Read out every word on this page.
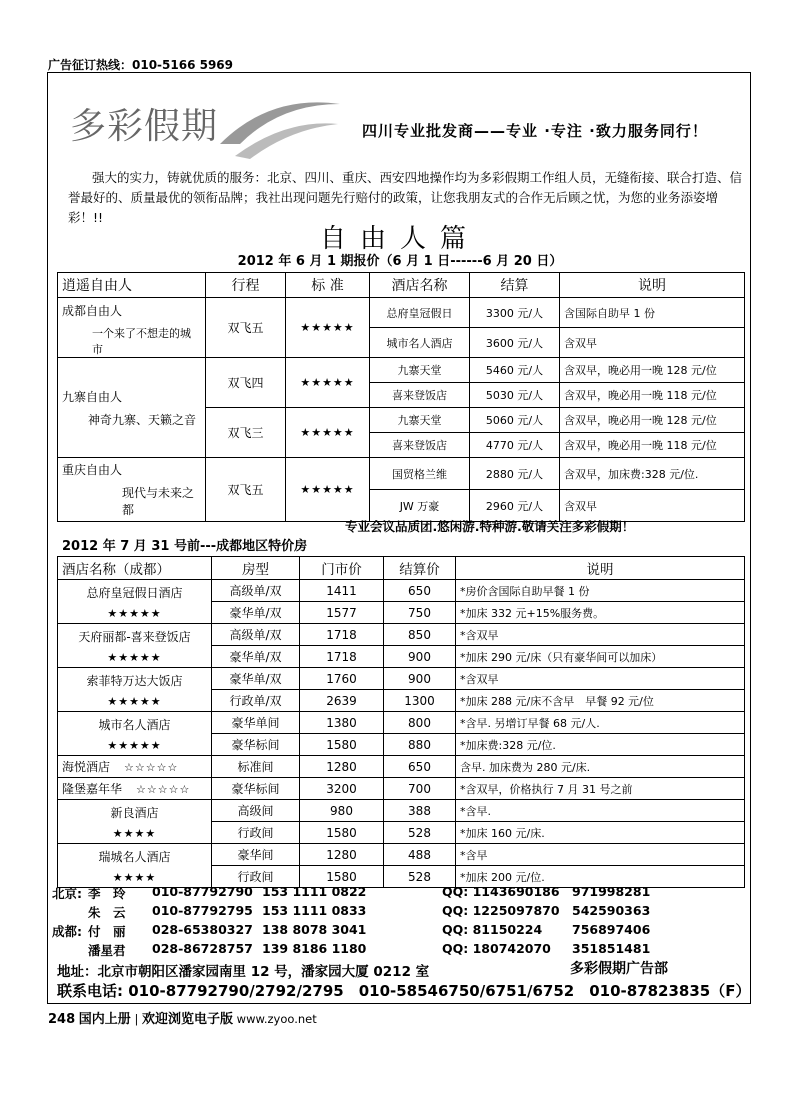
广告征订热线：010-5166 5969
多彩假期	四川专业批发商——专业 ·专注 ·致力服务同行！
强大的实力，铸就优质的服务：北京、四川、重庆、西安四地操作均为多彩假期工作组人员，无缝衔接、联合打造、信誉最好的、质量最优的领衔品牌；我社出现问题先行赔付的政策，让您我朋友式的合作无后顾之忧，为您的业务添姿增彩！!!
自由人篇
2012 年 6 月 1 期报价（6 月 1 日------6 月 20 日）
逍遥自由人	行程	标 准	酒店名称	结算	说明

成都自由人
一个来了不想走的城市	双飞五	★★★★★	总府皇冠假日	3300 元/人	含国际自助早 1 份
			城市名人酒店	3600 元/人	含双早

九寨自由人
神奇九寨、天籁之音	双飞四	★★★★★	九寨天堂	5460 元/人	含双早，晚必用一晚 128 元/位
			喜来登饭店	5030 元/人	含双早，晚必用一晚 118 元/位
	双飞三	★★★★★	九寨天堂	5060 元/人	含双早，晚必用一晚 128 元/位
			喜来登饭店	4770 元/人	含双早，晚必用一晚 118 元/位

重庆自由人
现代与未来之都	双飞五	★★★★★	国贸格兰维	2880 元/人	含双早，加床费:328 元/位.
			JW 万豪	2960 元/人	含双早
专业会议品质团.悠闲游.特种游.敬请关注多彩假期！
2012 年 7 月 31 号前---成都地区特价房
酒店名称（成都）	房型	门市价	结算价	说明

总府皇冠假日酒店
★★★★★	高级单/双	1411	650	*房价含国际自助早餐 1 份
	豪华单/双	1577	750	*加床 332 元+15%服务费。

天府丽都-喜来登饭店
★★★★★	高级单/双	1718	850	*含双早
	豪华单/双	1718	900	*加床 290 元/床（只有豪华间可以加床）

索菲特万达大饭店
★★★★★	豪华单/双	1760	900	*含双早
	行政单/双	2639	1300	*加床 288 元/床不含早　早餐 92 元/位

城市名人酒店
★★★★★	豪华单间	1380	800	*含早. 另增订早餐 68 元/人.
	豪华标间	1580	880	*加床费:328 元/位.
海悦酒店 ☆☆☆☆☆	标准间	1280	650	含早. 加床费为 280 元/床.
隆堡嘉年华 ☆☆☆☆☆	豪华标间	3200	700	*含双早，价格执行 7 月 31 号之前

新良酒店
★★★★	高级间	980	388	*含早.
	行政间	1580	528	*加床 160 元/床.

瑞城名人酒店
★★★★	豪华间	1280	488	*含早
	行政间	1580	528	*加床 200 元/位.
北京: 李　玲 010-87792790 153 1111 0822	QQ: 1143690186 971998281
朱　云 010-87792795 153 1111 0833	QQ: 1225097870 542590363
成都: 付　丽 028-65380327 138 8078 3041	QQ: 81150224 756897406
潘星君 028-86728757 139 8186 1180	QQ: 180742070 351851481
地址：北京市朝阳区潘家园南里 12 号，潘家园大厦 0212 室	多彩假期广告部
联系电话: 010-87792790/2792/2795　010-58546750/6751/6752　010-87823835（F）
248 国内上册 | 欢迎浏览电子版 www.zyoo.net
